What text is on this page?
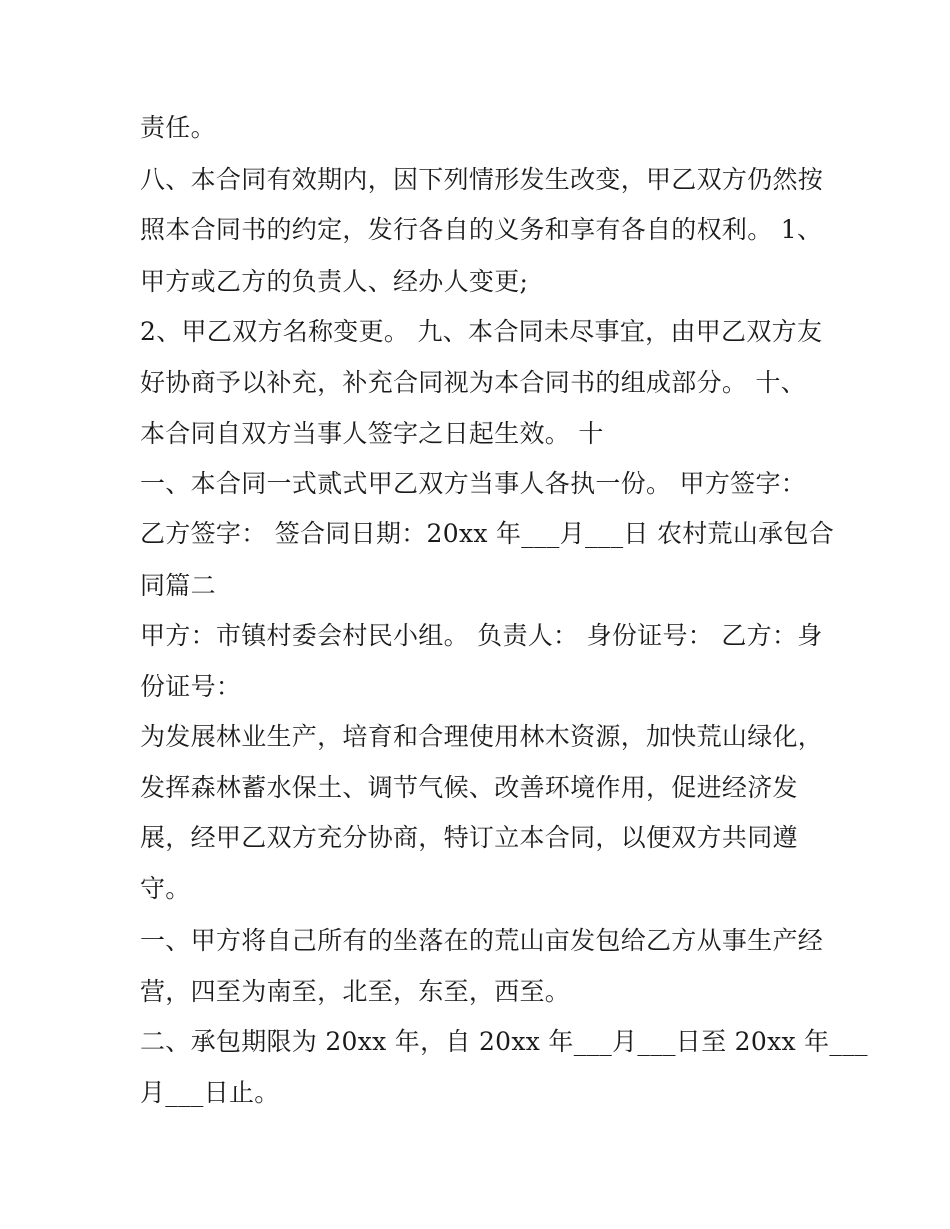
责任。
八、本合同有效期内，因下列情形发生改变，甲乙双方仍然按
照本合同书的约定，发行各自的义务和享有各自的权利。 1、
甲方或乙方的负责人、经办人变更;
2、甲乙双方名称变更。 九、本合同未尽事宜，由甲乙双方友
好协商予以补充，补充合同视为本合同书的组成部分。 十、
本合同自双方当事人签字之日起生效。 十
一、本合同一式贰式甲乙双方当事人各执一份。 甲方签字：
乙方签字： 签合同日期：20xx 年___月___日 农村荒山承包合
同篇二
甲方：市镇村委会村民小组。 负责人： 身份证号： 乙方：身
份证号：
为发展林业生产，培育和合理使用林木资源，加快荒山绿化，
发挥森林蓄水保土、调节气候、改善环境作用，促进经济发
展，经甲乙双方充分协商，特订立本合同，以便双方共同遵
守。
一、甲方将自己所有的坐落在的荒山亩发包给乙方从事生产经
营，四至为南至，北至，东至，西至。
二、承包期限为 20xx 年，自 20xx 年___月___日至 20xx 年___
月___日止。
